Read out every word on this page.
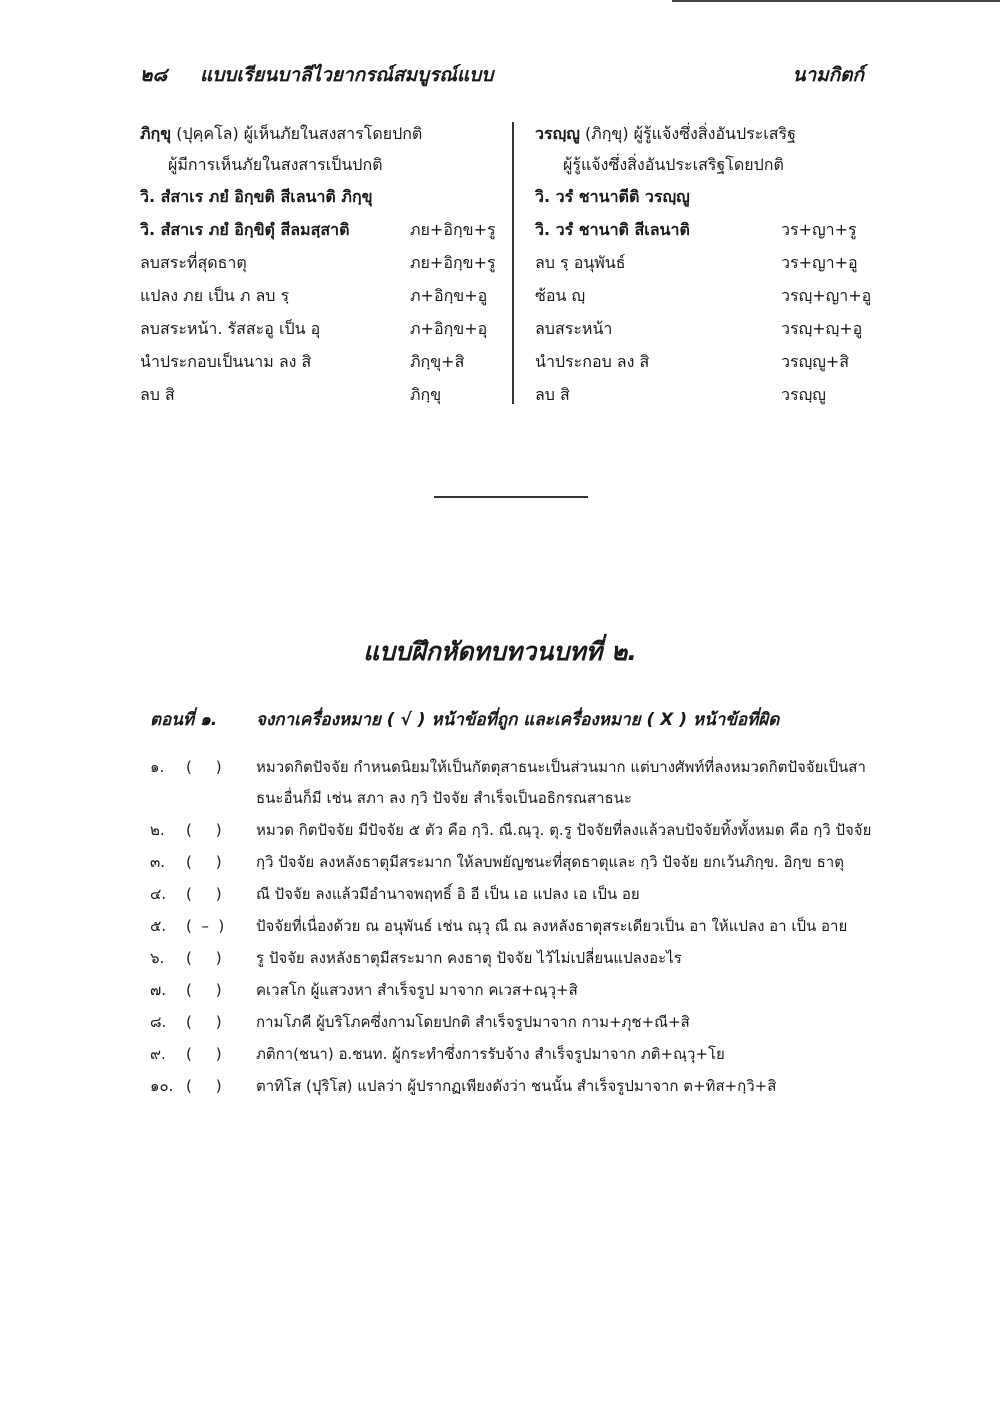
๒๘ แบบเรียนบาลีไวยากรณ์สมบูรณ์แบบ	นามกิตก์
ภิกฺขุ (ปุคฺคโล) ผู้เห็นภัยในสงสารโดยปกติ
ผู้มีการเห็นภัยในสงสารเป็นปกติ
วิ. สํสาเร ภยํ อิกฺขติ สีเลนาติ ภิกฺขุ
วิ. สํสาเร ภยํ อิกฺขิตุํ สีลมสฺสาติ	ภย+อิกฺข+รู
ลบสระที่สุดธาตุ	ภย+อิกฺข+รู
แปลง ภย เป็น ภ ลบ รฺ	ภ+อิกฺข+อู
ลบสระหน้า. รัสสะอู เป็น อุ	ภ+อิกฺข+อุ
นำประกอบเป็นนาม ลง สิ	ภิกฺขุ+สิ
ลบ สิ	ภิกฺขุ
วรญฺญู (ภิกฺขุ) ผู้รู้แจ้งซึ่งสิ่งอันประเสริฐ
ผู้รู้แจ้งซึ่งสิ่งอันประเสริฐโดยปกติ
วิ. วรํ ชานาตีติ วรญฺญู
วิ. วรํ ชานาติ สีเลนาติ	วร+ญา+รู
ลบ รฺ อนุพันธ์	วร+ญา+อู
ซ้อน ญฺ	วรญฺ+ญา+อู
ลบสระหน้า	วรญฺ+ญฺ+อู
นำประกอบ ลง สิ	วรญฺญู+สิ
ลบ สิ	วรญฺญู
แบบฝึกหัดทบทวนบทที่ ๒.
ตอนที่ ๑. จงกาเครื่องหมาย ( √ ) หน้าข้อที่ถูก และเครื่องหมาย ( X ) หน้าข้อที่ผิด
๑.	(     )	หมวดกิตปัจจัย กำหนดนิยมให้เป็นกัตตุสาธนะเป็นส่วนมาก แต่บางศัพท์ที่ลงหมวดกิตปัจจัยเป็นสาธนะอื่นก็มี เช่น สภา ลง กฺวิ ปัจจัย สำเร็จเป็นอธิกรณสาธนะ
๒.	(     )	หมวด กิตปัจจัย มีปัจจัย ๕ ตัว คือ กฺวิ. ณี.ณฺวุ. ตุ.รู ปัจจัยที่ลงแล้วลบปัจจัยทิ้งทั้งหมด คือ กฺวิ ปัจจัย
๓.	(     )	กฺวิ ปัจจัย ลงหลังธาตุมีสระมาก ให้ลบพยัญชนะที่สุดธาตุและ กฺวิ ปัจจัย ยกเว้นภิกฺข. อิกฺข ธาตุ
๔.	(     )	ณี ปัจจัย ลงแล้วมีอำนาจพฤทธิ์ อิ อี เป็น เอ แปลง เอ เป็น อย
๕.	(  –  )	ปัจจัยที่เนื่องด้วย ณ อนุพันธ์ เช่น ณฺวุ ณี ณ ลงหลังธาตุสระเดียวเป็น อา ให้แปลง อา เป็น อาย
๖.	(     )	รู ปัจจัย ลงหลังธาตุมีสระมาก คงธาตุ ปัจจัย ไว้ไม่เปลี่ยนแปลงอะไร
๗.	(     )	คเวสโก ผู้แสวงหา สำเร็จรูป มาจาก คเวส+ณฺวุ+สิ
๘.	(     )	กามโภคี ผู้บริโภคซึ่งกามโดยปกติ สำเร็จรูปมาจาก กาม+ภุช+ณี+สิ
๙.	(     )	ภติกา(ชนา) อ.ชนท. ผู้กระทำซึ่งการรับจ้าง สำเร็จรูปมาจาก ภติ+ณฺวุ+โย
๑๐. (     )	ตาทิโส (ปุริโส) แปลว่า ผู้ปรากฏเพียงดังว่า ชนนั้น สำเร็จรูปมาจาก ต+ทิส+กฺวิ+สิ
